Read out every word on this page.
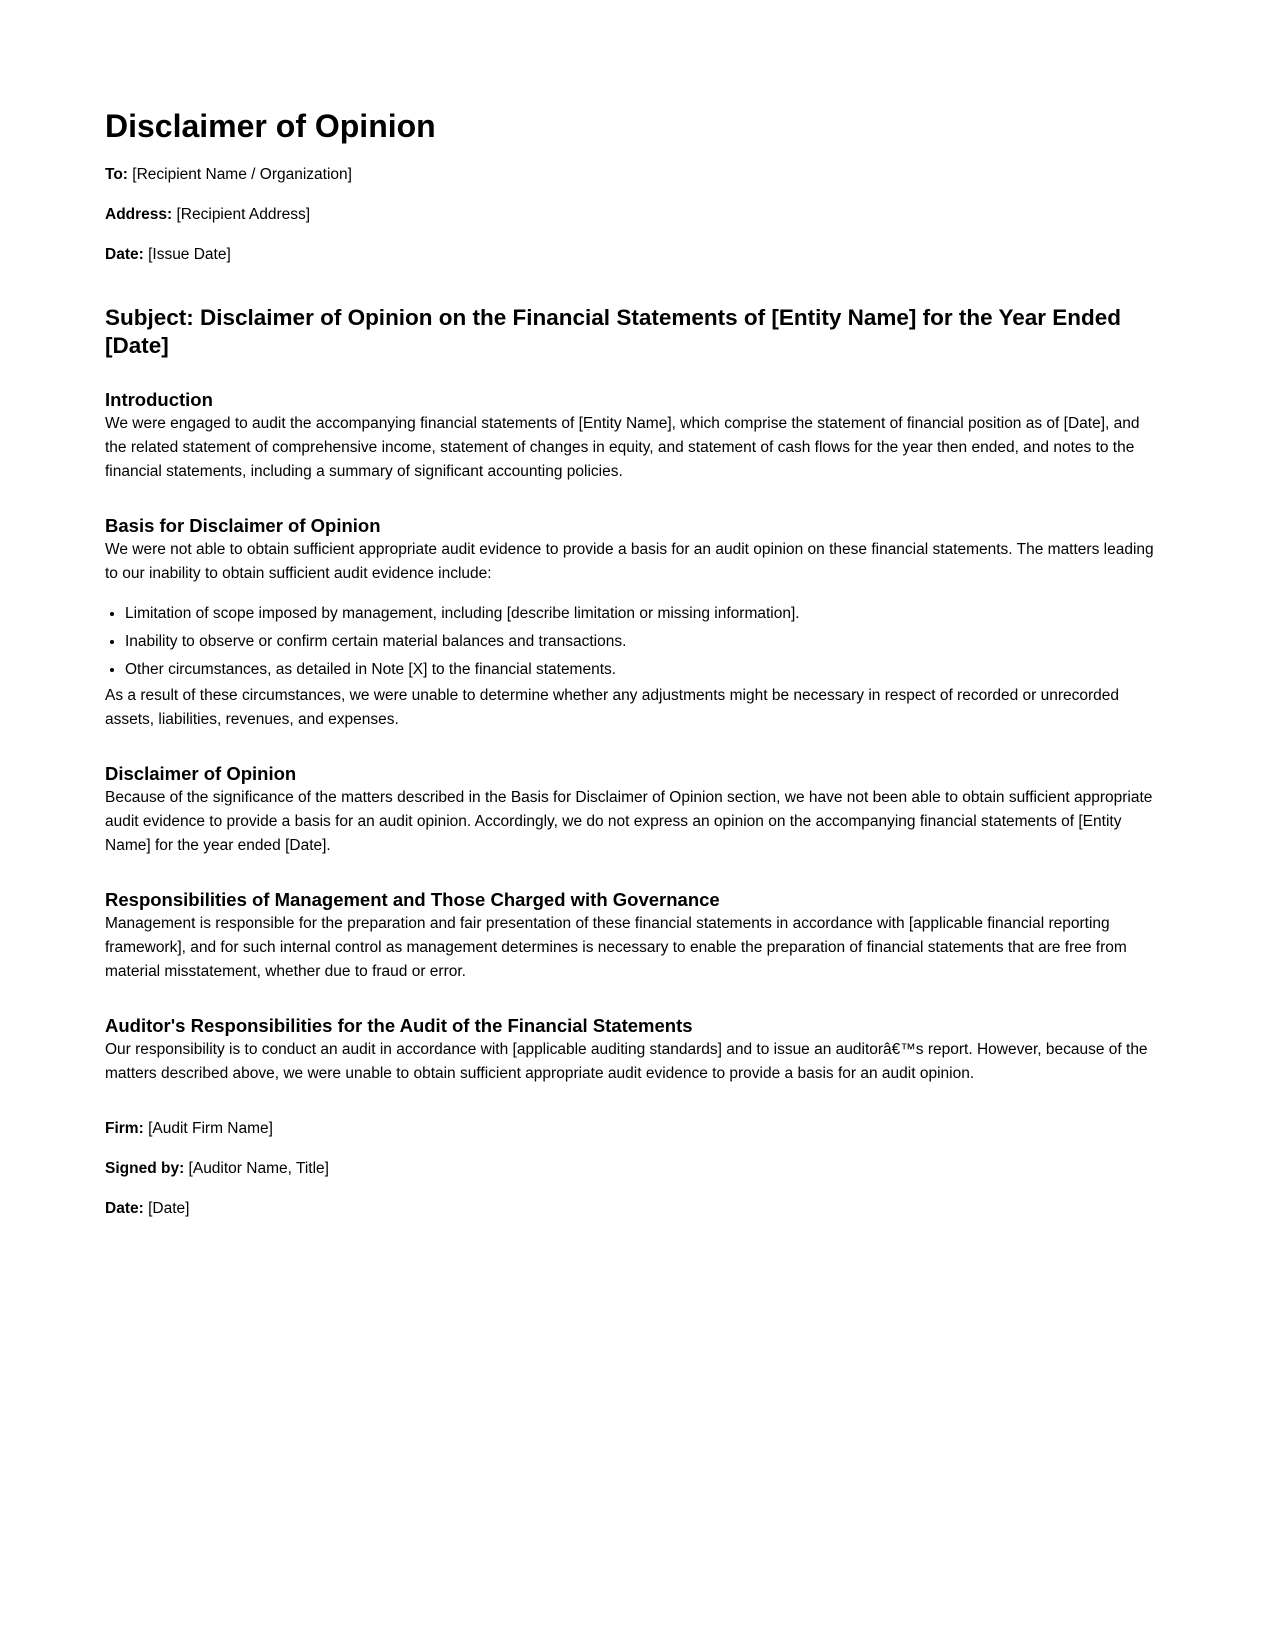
Disclaimer of Opinion

To: [Recipient Name / Organization]

Address: [Recipient Address]

Date: [Issue Date]

Subject: Disclaimer of Opinion on the Financial Statements of [Entity Name] for the Year Ended [Date]
Introduction

We were engaged to audit the accompanying financial statements of [Entity Name], which comprise the statement of financial position as of [Date], and the related statement of comprehensive income, statement of changes in equity, and statement of cash flows for the year then ended, and notes to the financial statements, including a summary of significant accounting policies.

Basis for Disclaimer of Opinion

We were not able to obtain sufficient appropriate audit evidence to provide a basis for an audit opinion on these financial statements. The matters leading to our inability to obtain sufficient audit evidence include:

• Limitation of scope imposed by management, including [describe limitation or missing information].
• Inability to observe or confirm certain material balances and transactions.
• Other circumstances, as detailed in Note [X] to the financial statements.

As a result of these circumstances, we were unable to determine whether any adjustments might be necessary in respect of recorded or unrecorded assets, liabilities, revenues, and expenses.

Disclaimer of Opinion

Because of the significance of the matters described in the Basis for Disclaimer of Opinion section, we have not been able to obtain sufficient appropriate audit evidence to provide a basis for an audit opinion. Accordingly, we do not express an opinion on the accompanying financial statements of [Entity Name] for the year ended [Date].

Responsibilities of Management and Those Charged with Governance

Management is responsible for the preparation and fair presentation of these financial statements in accordance with [applicable financial reporting framework], and for such internal control as management determines is necessary to enable the preparation of financial statements that are free from material misstatement, whether due to fraud or error.

Auditor's Responsibilities for the Audit of the Financial Statements

Our responsibility is to conduct an audit in accordance with [applicable auditing standards] and to issue an auditorâ€™s report. However, because of the matters described above, we were unable to obtain sufficient appropriate audit evidence to provide a basis for an audit opinion.

Firm: [Audit Firm Name]

Signed by: [Auditor Name, Title]

Date: [Date]
